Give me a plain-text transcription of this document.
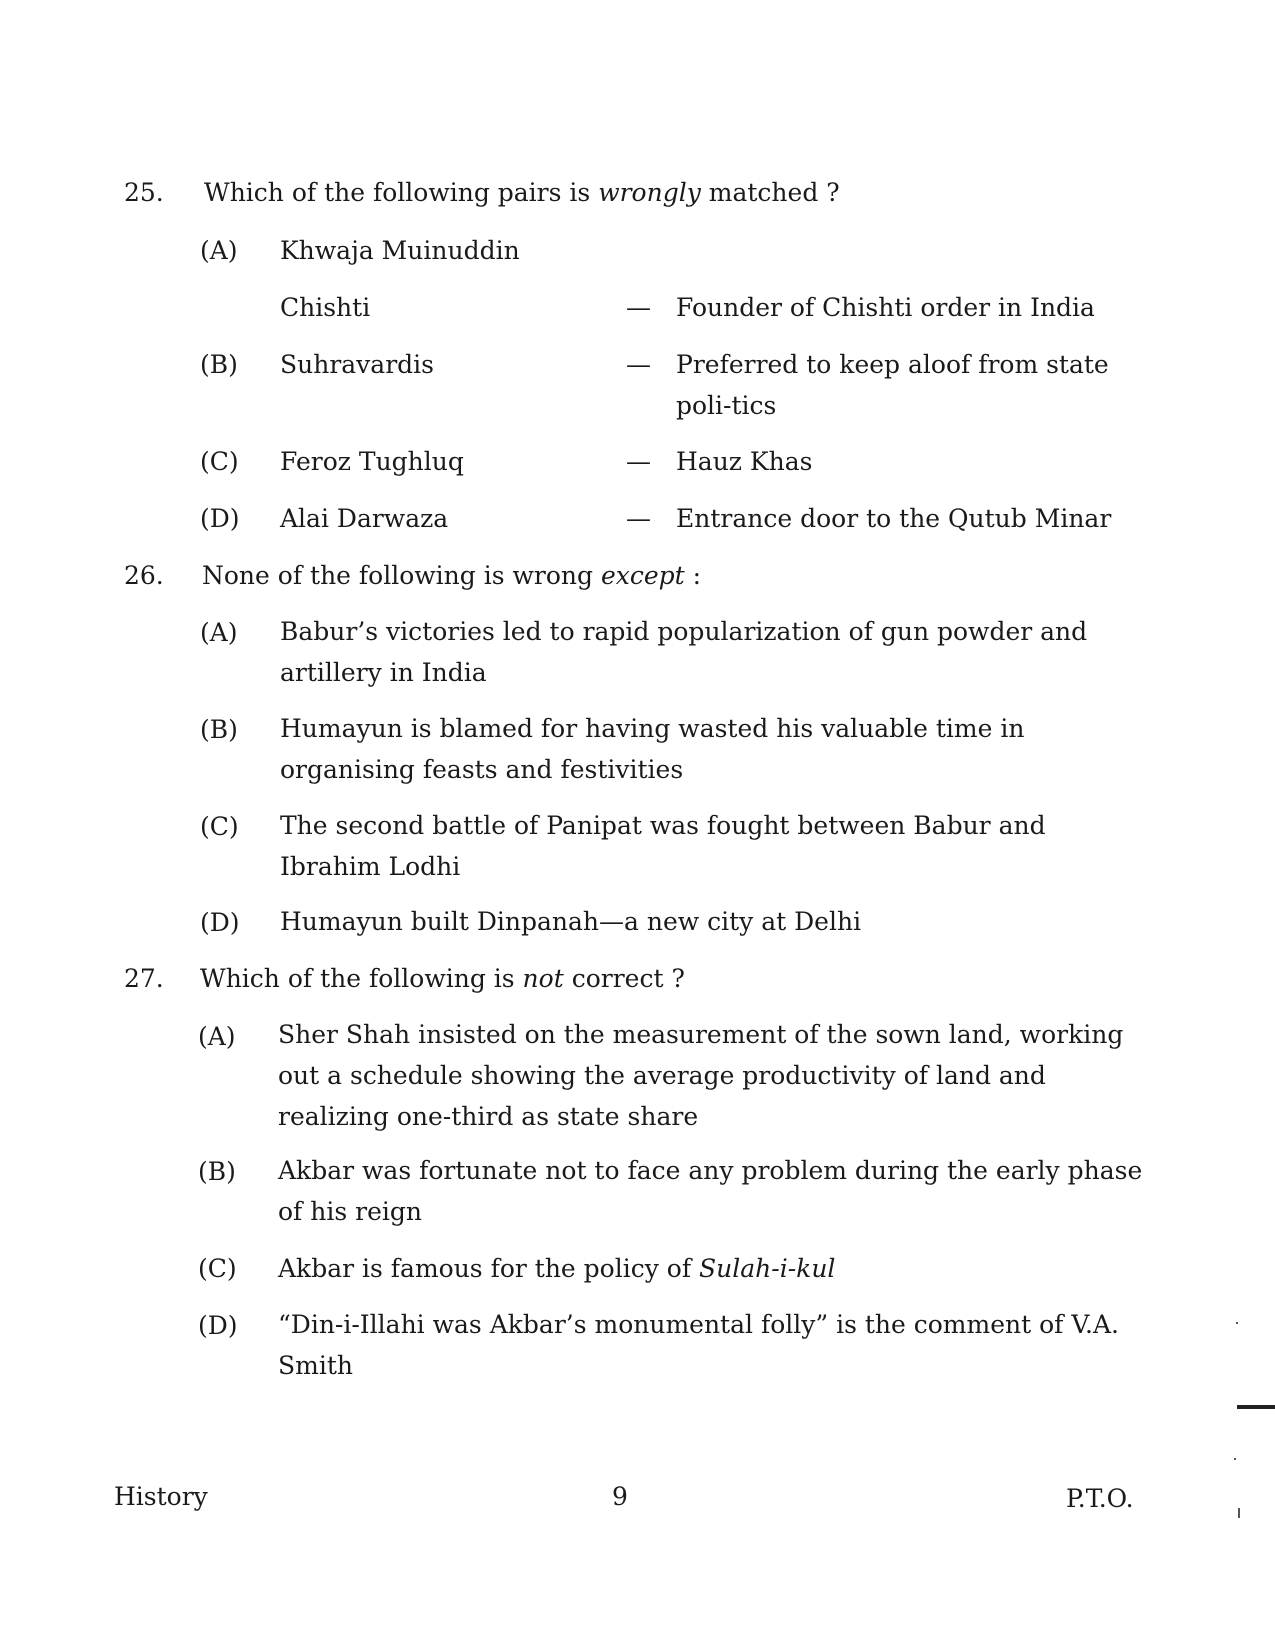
25. Which of the following pairs is wrongly matched ?
(A) Khwaja Muinuddin
Chishti	— Founder of Chishti order in India
(B) Suhravardis	— Preferred to keep aloof from state poli-tics
(C) Feroz Tughluq	— Hauz Khas
(D) Alai Darwaza	— Entrance door to the Qutub Minar
26. None of the following is wrong except :
(A) Babur’s victories led to rapid popularization of gun powder and artillery in India
(B) Humayun is blamed for having wasted his valuable time in organising feasts and festivities
(C) The second battle of Panipat was fought between Babur and Ibrahim Lodhi
(D) Humayun built Dinpanah—a new city at Delhi
27. Which of the following is not correct ?
(A) Sher Shah insisted on the measurement of the sown land, working out a schedule showing the average productivity of land and realizing one-third as state share
(B) Akbar was fortunate not to face any problem during the early phase of his reign
(C) Akbar is famous for the policy of Sulah-i-kul
(D) “Din-i-Illahi was Akbar’s monumental folly” is the comment of V.A. Smith
History	9	P.T.O.
